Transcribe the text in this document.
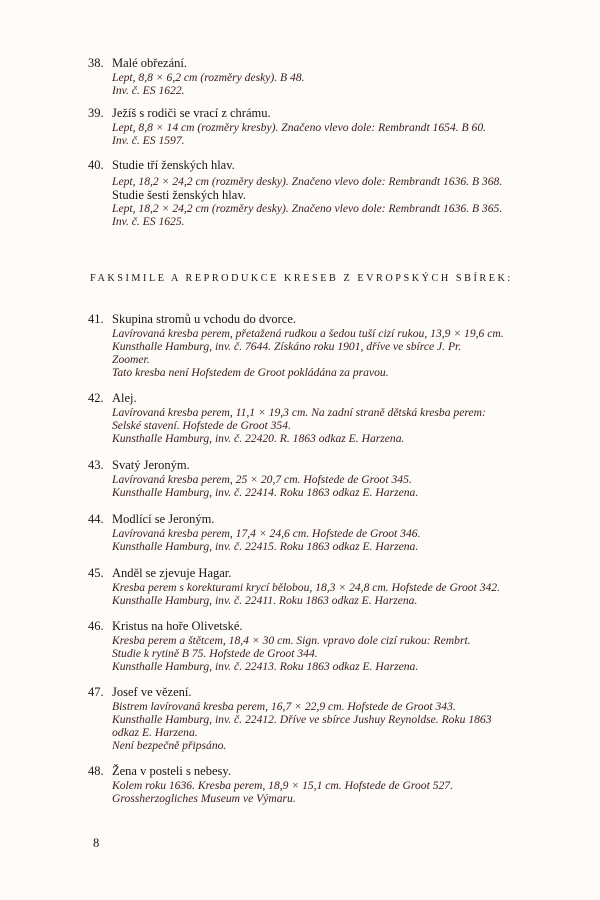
38. Malé obřezání.
Lept, 8,8 × 6,2 cm (rozměry desky). B 48.
Inv. č. ES 1622.
39. Ježíš s rodiči se vrací z chrámu.
Lept, 8,8 × 14 cm (rozměry kresby). Značeno vlevo dole: Rembrandt 1654. B 60.
Inv. č. ES 1597.
40. Studie tří ženských hlav.
Lept, 18,2 × 24,2 cm (rozměry desky). Značeno vlevo dole: Rembrandt 1636. B 368.
Studie šesti ženských hlav.
Lept, 18,2 × 24,2 cm (rozměry desky). Značeno vlevo dole: Rembrandt 1636. B 365.
Inv. č. ES 1625.
FAKSIMILE A REPRODUKCE KRESEB Z EVROPSKÝCH SBÍREK:
41. Skupina stromů u vchodu do dvorce.
Lavírovaná kresba perem, přetažená rudkou a šedou tuší cizí rukou, 13,9 × 19,6 cm.
Kunsthalle Hamburg, inv. č. 7644. Získáno roku 1901, dříve ve sbírce J. Pr.
Zoomer.
Tato kresba není Hofstedem de Groot pokládána za pravou.
42. Alej.
Lavírovaná kresba perem, 11,1 × 19,3 cm. Na zadní straně dětská kresba perem:
Selské stavení. Hofstede de Groot 354.
Kunsthalle Hamburg, inv. č. 22420. R. 1863 odkaz E. Harzena.
43. Svatý Jeroným.
Lavírovaná kresba perem, 25 × 20,7 cm. Hofstede de Groot 345.
Kunsthalle Hamburg, inv. č. 22414. Roku 1863 odkaz E. Harzena.
44. Modlící se Jeroným.
Lavírovaná kresba perem, 17,4 × 24,6 cm. Hofstede de Groot 346.
Kunsthalle Hamburg, inv. č. 22415. Roku 1863 odkaz E. Harzena.
45. Anděl se zjevuje Hagar.
Kresba perem s korekturami krycí bělobou, 18,3 × 24,8 cm. Hofstede de Groot 342.
Kunsthalle Hamburg, inv. č. 22411. Roku 1863 odkaz E. Harzena.
46. Kristus na hoře Olivetské.
Kresba perem a štětcem, 18,4 × 30 cm. Sign. vpravo dole cizí rukou: Rembrt.
Studie k rytině B 75. Hofstede de Groot 344.
Kunsthalle Hamburg, inv. č. 22413. Roku 1863 odkaz E. Harzena.
47. Josef ve vězení.
Bistrem lavírovaná kresba perem, 16,7 × 22,9 cm. Hofstede de Groot 343.
Kunsthalle Hamburg, inv. č. 22412. Dříve ve sbírce Jushuy Reynoldse. Roku 1863
odkaz E. Harzena.
Není bezpečně připsáno.
48. Žena v posteli s nebesy.
Kolem roku 1636. Kresba perem, 18,9 × 15,1 cm. Hofstede de Groot 527.
Grossherzogliches Museum ve Výmaru.
8
